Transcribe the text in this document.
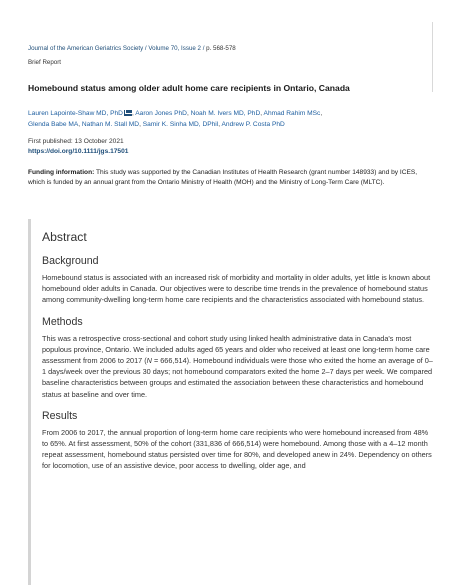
Journal of the American Geriatrics Society / Volume 70, Issue 2 / p. 568-578
Brief Report
Homebound status among older adult home care recipients in Ontario, Canada
Lauren Lapointe-Shaw MD, PhD , Aaron Jones PhD, Noah M. Ivers MD, PhD, Ahmad Rahim MSc,
Glenda Babe MA, Nathan M. Stall MD, Samir K. Sinha MD, DPhil, Andrew P. Costa PhD
First published: 13 October 2021
https://doi.org/10.1111/jgs.17501
Funding information: This study was supported by the Canadian Institutes of Health Research (grant number 148933) and by ICES, which is funded by an annual grant from the Ontario Ministry of Health (MOH) and the Ministry of Long-Term Care (MLTC).
Abstract
Background

Homebound status is associated with an increased risk of morbidity and mortality in older adults, yet little is known about homebound older adults in Canada. Our objectives were to describe time trends in the prevalence of homebound status among community-dwelling long-term home care recipients and the characteristics associated with homebound status.

Methods

This was a retrospective cross-sectional and cohort study using linked health administrative data in Canada's most populous province, Ontario. We included adults aged 65 years and older who received at least one long-term home care assessment from 2006 to 2017 (N = 666,514). Homebound individuals were those who exited the home an average of 0–1 days/week over the previous 30 days; not homebound comparators exited the home 2–7 days per week. We compared baseline characteristics between groups and estimated the association between these characteristics and homebound status at baseline and over time.

Results

From 2006 to 2017, the annual proportion of long-term home care recipients who were homebound increased from 48% to 65%. At first assessment, 50% of the cohort (331,836 of 666,514) were homebound. Among those with a 4–12 month repeat assessment, homebound status persisted over time for 80%, and developed anew in 24%. Dependency on others for locomotion, use of an assistive device, poor access to dwelling, older age, and
